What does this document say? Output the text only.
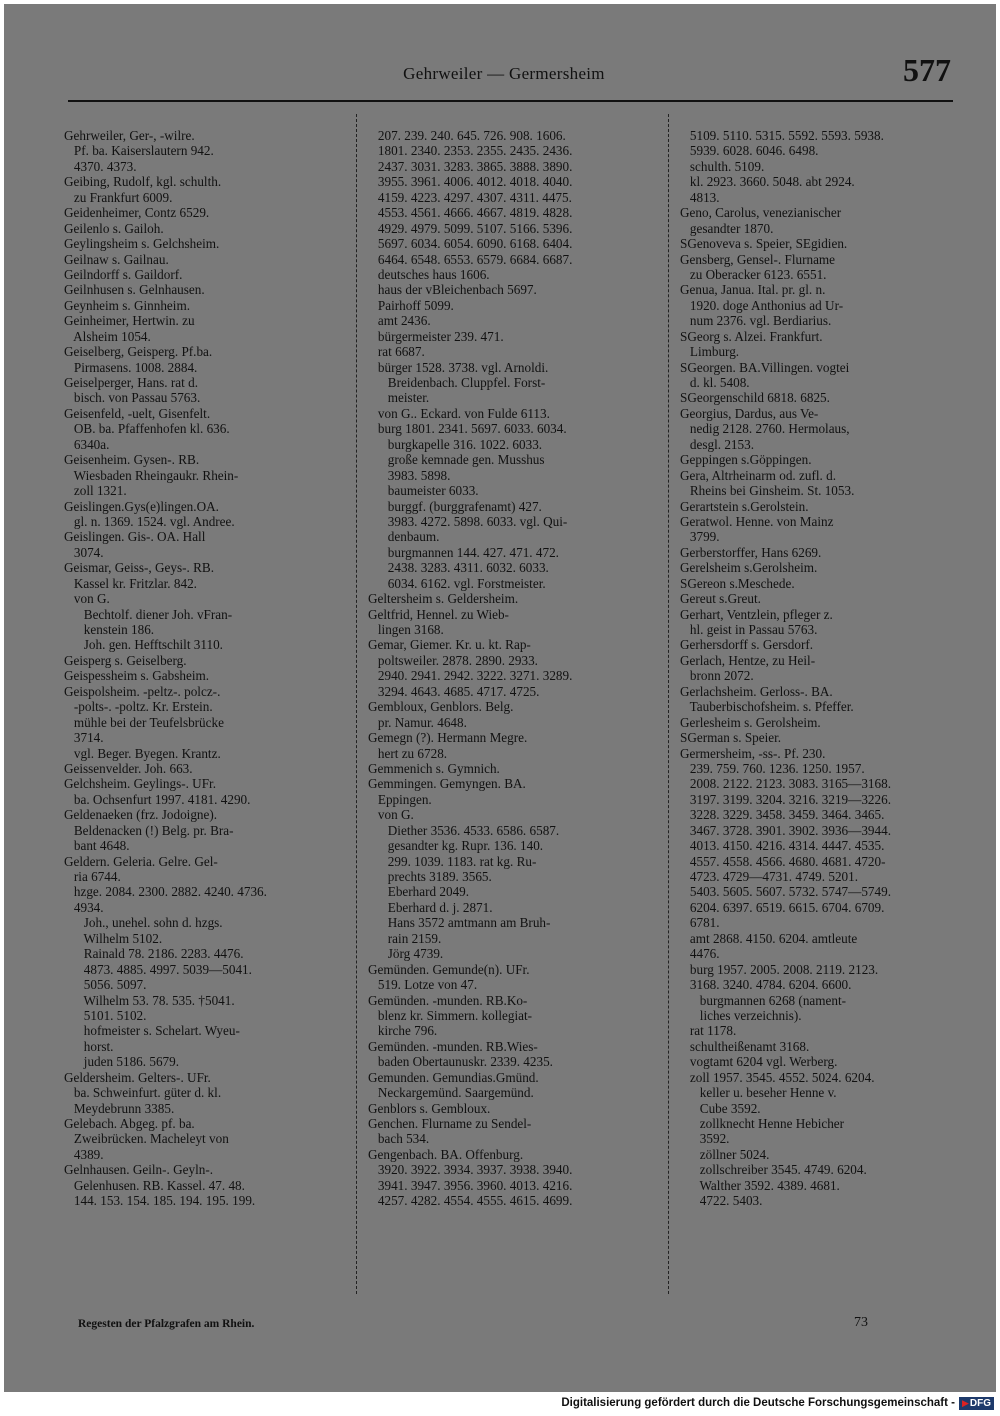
Gehrweiler — Germersheim	577
Gehrweiler, Ger-, -wilre.
Pf. ba. Kaiserslautern 942.
4370. 4373.
Geibing, Rudolf, kgl. schulth.
zu Frankfurt 6009.
Geidenheimer, Contz 6529.
Geilenlo s. Gailoh.
Geylingsheim s. Gelchsheim.
Geilnaw s. Gailnau.
Geilndorff s. Gaildorf.
Geilnhusen s. Gelnhausen.
Geynheim s. Ginnheim.
Geinheimer, Hertwin. zu
Alsheim 1054.
Geiselberg, Geisperg. Pf.ba.
Pirmasens. 1008. 2884.
Geiselperger, Hans. rat d.
bisch. von Passau 5763.
Geisenfeld, -uelt, Gisenfelt.
OB. ba. Pfaffenhofen kl. 636.
6340a.
Geisenheim. Gysen-. RB.
Wiesbaden Rheingaukr. Rhein-
zoll 1321.
Geislingen.Gys(e)lingen.OA.
gl. n. 1369. 1524. vgl. Andree.
Geislingen. Gis-. OA. Hall
3074.
Geismar, Geiss-, Geys-. RB.
Kassel kr. Fritzlar. 842.
von G.
Bechtolf. diener Joh. vFran-
kenstein 186.
Joh. gen. Hefftschilt 3110.
Geisperg s. Geiselberg.
Geispessheim s. Gabsheim.
Geispolsheim. -peltz-. polcz-.
-polts-. -poltz. Kr. Erstein.
mühle bei der Teufelsbrücke
3714.
vgl. Beger. Byegen. Krantz.
Geissenvelder. Joh. 663.
Gelchsheim. Geylings-. UFr.
ba. Ochsenfurt 1997. 4181. 4290.
Geldenaeken (frz. Jodoigne).
Beldenacken (!) Belg. pr. Bra-
bant 4648.
Geldern. Geleria. Gelre. Gel-
ria 6744.
hzge. 2084. 2300. 2882. 4240. 4736.
4934.
Joh., unehel. sohn d. hzgs.
Wilhelm 5102.
Rainald 78. 2186. 2283. 4476.
4873. 4885. 4997. 5039—5041.
5056. 5097.
Wilhelm 53. 78. 535. †5041.
5101. 5102.
hofmeister s. Schelart. Wyeu-
horst.
juden 5186. 5679.
Geldersheim. Gelters-. UFr.
ba. Schweinfurt. güter d. kl.
Meydebrunn 3385.
Gelebach. Abgeg. pf. ba.
Zweibrücken. Macheleyt von
4389.
Gelnhausen. Geiln-. Geyln-.
Gelenhusen. RB. Kassel. 47. 48.
144. 153. 154. 185. 194. 195. 199.
207. 239. 240. 645. 726. 908. 1606.
1801. 2340. 2353. 2355. 2435. 2436.
2437. 3031. 3283. 3865. 3888. 3890.
3955. 3961. 4006. 4012. 4018. 4040.
4159. 4223. 4297. 4307. 4311. 4475.
4553. 4561. 4666. 4667. 4819. 4828.
4929. 4979. 5099. 5107. 5166. 5396.
5697. 6034. 6054. 6090. 6168. 6404.
6464. 6548. 6553. 6579. 6684. 6687.
deutsches haus 1606.
haus der vBleichenbach 5697.
Pairhoff 5099.
amt 2436.
bürgermeister 239. 471.
rat 6687.
bürger 1528. 3738. vgl. Arnoldi.
Breidenbach. Cluppfel. Forst-
meister.
von G.. Eckard. von Fulde 6113.
burg 1801. 2341. 5697. 6033. 6034.
burgkapelle 316. 1022. 6033.
große kemnade gen. Musshus
3983. 5898.
baumeister 6033.
burggf. (burggrafenamt) 427.
3983. 4272. 5898. 6033. vgl. Qui-
denbaum.
burgmannen 144. 427. 471. 472.
2438. 3283. 4311. 6032. 6033.
6034. 6162. vgl. Forstmeister.
Geltersheim s. Geldersheim.
Geltfrid, Hennel. zu Wieb-
lingen 3168.
Gemar, Giemer. Kr. u. kt. Rap-
poltsweiler. 2878. 2890. 2933.
2940. 2941. 2942. 3222. 3271. 3289.
3294. 4643. 4685. 4717. 4725.
Gembloux, Genblors. Belg.
pr. Namur. 4648.
Gemegn (?). Hermann Megre.
hert zu 6728.
Gemmenich s. Gymnich.
Gemmingen. Gemyngen. BA.
Eppingen.
von G.
Diether 3536. 4533. 6586. 6587.
gesandter kg. Rupr. 136. 140.
299. 1039. 1183. rat kg. Ru-
prechts 3189. 3565.
Eberhard 2049.
Eberhard d. j. 2871.
Hans 3572 amtmann am Bruh-
rain 2159.
Jörg 4739.
Gemünden. Gemunde(n). UFr.
519. Lotze von 47.
Gemünden. -munden. RB.Ko-
blenz kr. Simmern. kollegiat-
kirche 796.
Gemünden. -munden. RB.Wies-
baden Obertaunuskr. 2339. 4235.
Gemunden. Gemundias.Gmünd.
Neckargemünd. Saargemünd.
Genblors s. Gembloux.
Genchen. Flurname zu Sendel-
bach 534.
Gengenbach. BA. Offenburg.
3920. 3922. 3934. 3937. 3938. 3940.
3941. 3947. 3956. 3960. 4013. 4216.
4257. 4282. 4554. 4555. 4615. 4699.
5109. 5110. 5315. 5592. 5593. 5938.
5939. 6028. 6046. 6498.
schulth. 5109.
kl. 2923. 3660. 5048. abt 2924.
4813.
Geno, Carolus, venezianischer
gesandter 1870.
SGenoveva s. Speier, SEgidien.
Gensberg, Gensel-. Flurname
zu Oberacker 6123. 6551.
Genua, Janua. Ital. pr. gl. n.
1920. doge Anthonius ad Ur-
num 2376. vgl. Berdiarius.
SGeorg s. Alzei. Frankfurt.
Limburg.
SGeorgen. BA.Villingen. vogtei
d. kl. 5408.
SGeorgenschild 6818. 6825.
Georgius, Dardus, aus Ve-
nedig 2128. 2760. Hermolaus,
desgl. 2153.
Geppingen s.Göppingen.
Gera, Altrheinarm od. zufl. d.
Rheins bei Ginsheim. St. 1053.
Gerartstein s.Gerolstein.
Geratwol. Henne. von Mainz
3799.
Gerberstorffer, Hans 6269.
Gerelsheim s.Gerolsheim.
SGereon s.Meschede.
Gereut s.Greut.
Gerhart, Ventzlein, pfleger z.
hl. geist in Passau 5763.
Gerhersdorff s. Gersdorf.
Gerlach, Hentze, zu Heil-
bronn 2072.
Gerlachsheim. Gerloss-. BA.
Tauberbischofsheim. s. Pfeffer.
Gerlesheim s. Gerolsheim.
SGerman s. Speier.
Germersheim, -ss-. Pf. 230.
239. 759. 760. 1236. 1250. 1957.
2008. 2122. 2123. 3083. 3165—3168.
3197. 3199. 3204. 3216. 3219—3226.
3228. 3229. 3458. 3459. 3464. 3465.
3467. 3728. 3901. 3902. 3936—3944.
4013. 4150. 4216. 4314. 4447. 4535.
4557. 4558. 4566. 4680. 4681. 4720-
4723. 4729—4731. 4749. 5201.
5403. 5605. 5607. 5732. 5747—5749.
6204. 6397. 6519. 6615. 6704. 6709.
6781.
amt 2868. 4150. 6204. amtleute
4476.
burg 1957. 2005. 2008. 2119. 2123.
3168. 3240. 4784. 6204. 6600.
burgmannen 6268 (nament-
liches verzeichnis).
rat 1178.
schultheißenamt 3168.
vogtamt 6204 vgl. Werberg.
zoll 1957. 3545. 4552. 5024. 6204.
keller u. beseher Henne v.
Cube 3592.
zollknecht Henne Hebicher
3592.
zöllner 5024.
zollschreiber 3545. 4749. 6204.
Walther 3592. 4389. 4681.
4722. 5403.
Regesten der Pfalzgrafen am Rhein.	73
Digitalisierung gefördert durch die Deutsche Forschungsgemeinschaft - ▶ DFG
